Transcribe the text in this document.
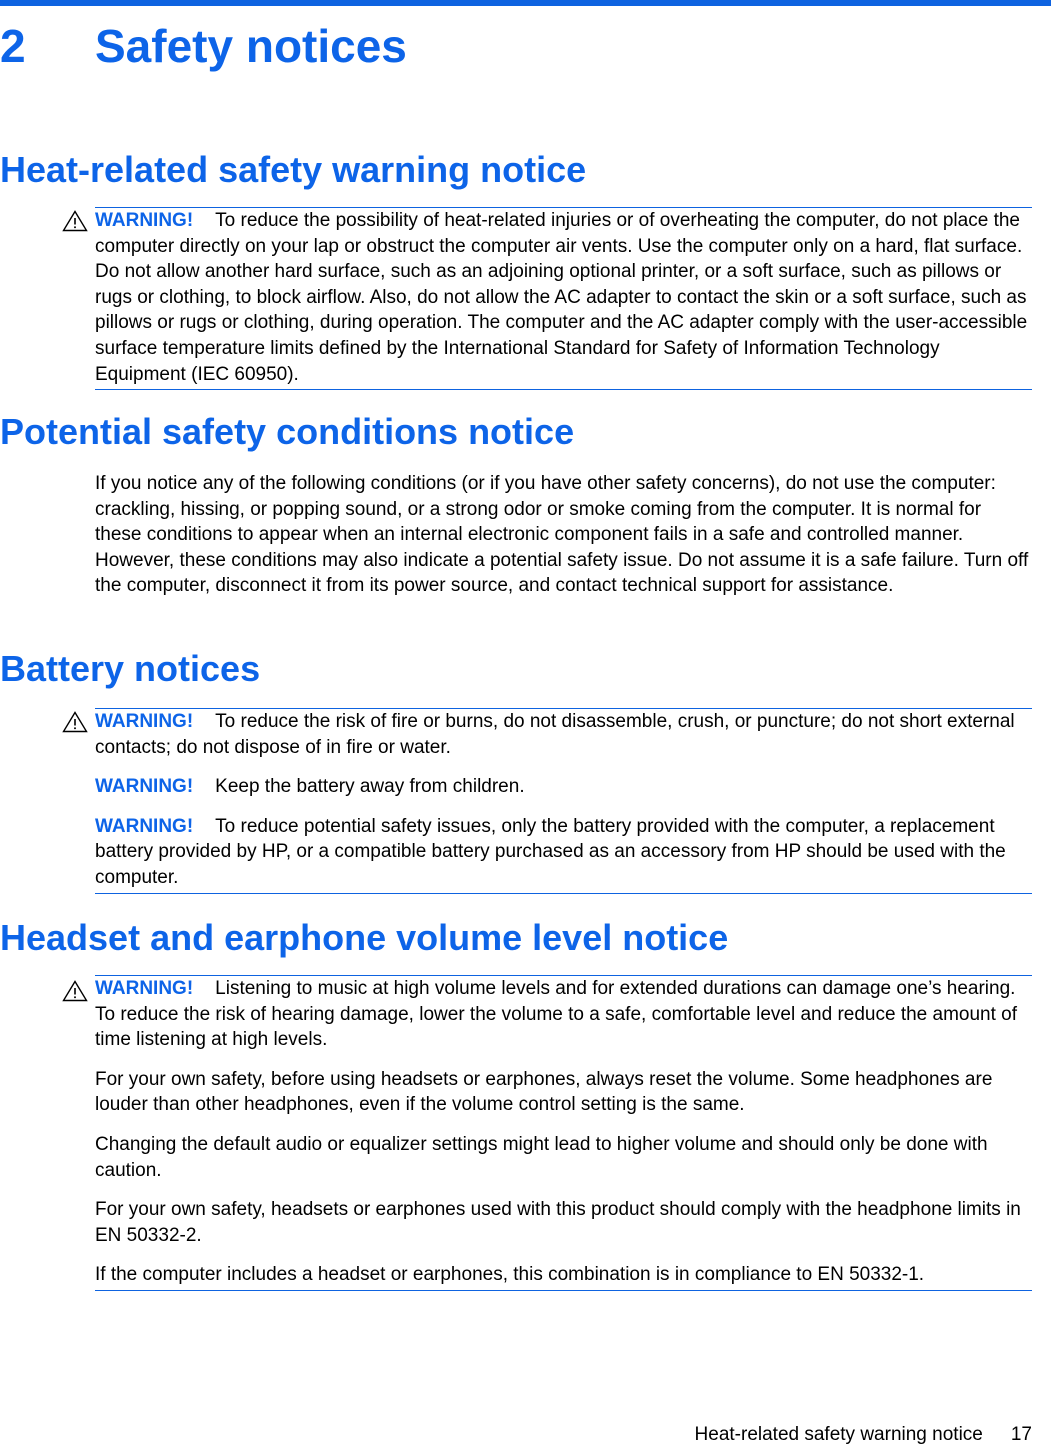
2 Safety notices
Heat-related safety warning notice

WARNING! To reduce the possibility of heat-related injuries or of overheating the computer, do not place the computer directly on your lap or obstruct the computer air vents. Use the computer only on a hard, flat surface. Do not allow another hard surface, such as an adjoining optional printer, or a soft surface, such as pillows or rugs or clothing, to block airflow. Also, do not allow the AC adapter to contact the skin or a soft surface, such as pillows or rugs or clothing, during operation. The computer and the AC adapter comply with the user-accessible surface temperature limits defined by the International Standard for Safety of Information Technology Equipment (IEC 60950).

Potential safety conditions notice

If you notice any of the following conditions (or if you have other safety concerns), do not use the computer: crackling, hissing, or popping sound, or a strong odor or smoke coming from the computer. It is normal for these conditions to appear when an internal electronic component fails in a safe and controlled manner. However, these conditions may also indicate a potential safety issue. Do not assume it is a safe failure. Turn off the computer, disconnect it from its power source, and contact technical support for assistance.

Battery notices

WARNING! To reduce the risk of fire or burns, do not disassemble, crush, or puncture; do not short external contacts; do not dispose of in fire or water.

WARNING! Keep the battery away from children.

WARNING! To reduce potential safety issues, only the battery provided with the computer, a replacement battery provided by HP, or a compatible battery purchased as an accessory from HP should be used with the computer.

Headset and earphone volume level notice

WARNING! Listening to music at high volume levels and for extended durations can damage one’s hearing. To reduce the risk of hearing damage, lower the volume to a safe, comfortable level and reduce the amount of time listening at high levels.

For your own safety, before using headsets or earphones, always reset the volume. Some headphones are louder than other headphones, even if the volume control setting is the same.

Changing the default audio or equalizer settings might lead to higher volume and should only be done with caution.

For your own safety, headsets or earphones used with this product should comply with the headphone limits in EN 50332-2.

If the computer includes a headset or earphones, this combination is in compliance to EN 50332-1.

Heat-related safety warning notice 17
